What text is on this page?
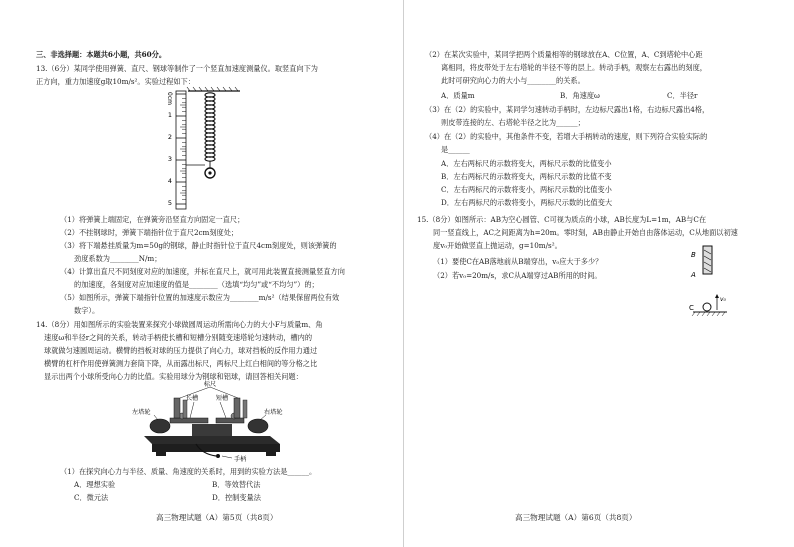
三、非选择题：本题共6小题，共60分。
13.（6分）某同学使用弹簧、直尺、钢球等制作了一个竖直加速度测量仪。取竖直向下为
正方向，重力加速度g取10m/s²。实验过程如下：
0cm
1
2
3
4
5
（1）将弹簧上端固定，在弹簧旁沿竖直方向固定一直尺；
（2）不挂钢球时，弹簧下端指针位于直尺2cm刻度处；
（3）将下端悬挂质量为m=50g的钢球，静止时指针位于直尺4cm刻度处，则该弹簧的
劲度系数为________N/m；
（4）计算出直尺不同刻度对应的加速度，并标在直尺上，就可用此装置直接测量竖直方向
的加速度，各刻度对应加速度的值是________（选填“均匀”或“不均匀”）的；
（5）如图所示，弹簧下端指针位置的加速度示数应为________m/s²（结果保留两位有效
数字）。
14.（8分）用如图所示的实验装置来探究小球做圆周运动所需向心力的大小F与质量m、角
速度ω和半径r之间的关系，转动手柄使长槽和短槽分别随变速塔轮匀速转动，槽内的
球就做匀速圆周运动。横臂的挡板对球的压力提供了向心力，球对挡板的反作用力通过
横臂的杠杆作用使弹簧测力套筒下降，从而露出标尺，两标尺上红白相间的等分格之比
显示出两个小球所受向心力的比值。实验用球分为钢球和铝球，请回答相关问题：
标尺
长槽	短槽
左塔轮	右塔轮
手柄
（1）在探究向心力与半径、质量、角速度的关系时，用到的实验方法是______。
A．理想实验	B．等效替代法
C．微元法	D．控制变量法
高三物理试题（A）第5页（共8页）
（2）在某次实验中，某同学把两个质量相等的钢球放在A、C位置，A、C到塔轮中心距
离相同，将皮带处于左右塔轮的半径不等的层上。转动手柄，观察左右露出的刻度，
此时可研究向心力的大小与________的关系。
A．质量m	B．角速度ω	C．半径r
（3）在（2）的实验中，某同学匀速转动手柄时，左边标尺露出1格，右边标尺露出4格，
则皮带连接的左、右塔轮半径之比为______；
（4）在（2）的实验中，其他条件不变，若增大手柄转动的速度，则下列符合实验实际的
是______
A．左右两标尺的示数将变大，两标尺示数的比值变小
B．左右两标尺的示数将变大，两标尺示数的比值不变
C．左右两标尺的示数将变小，两标尺示数的比值变小
D．左右两标尺的示数将变小，两标尺示数的比值变大
15.（8分）如图所示：AB为空心圆管、C可视为质点的小球，AB长度为L=1m，AB与C在
同一竖直线上，AC之间距离为h=20m。零时刻，AB由静止开始自由落体运动，C从地面以初速
度v₀开始做竖直上抛运动，g=10m/s²。
（1）要使C在AB落地前从B端穿出，v₀应大于多少？
（2）若v₀=20m/s，求C从A端穿过AB所用的时间。
B
A
C
v₀
高三物理试题（A）第6页（共8页）
